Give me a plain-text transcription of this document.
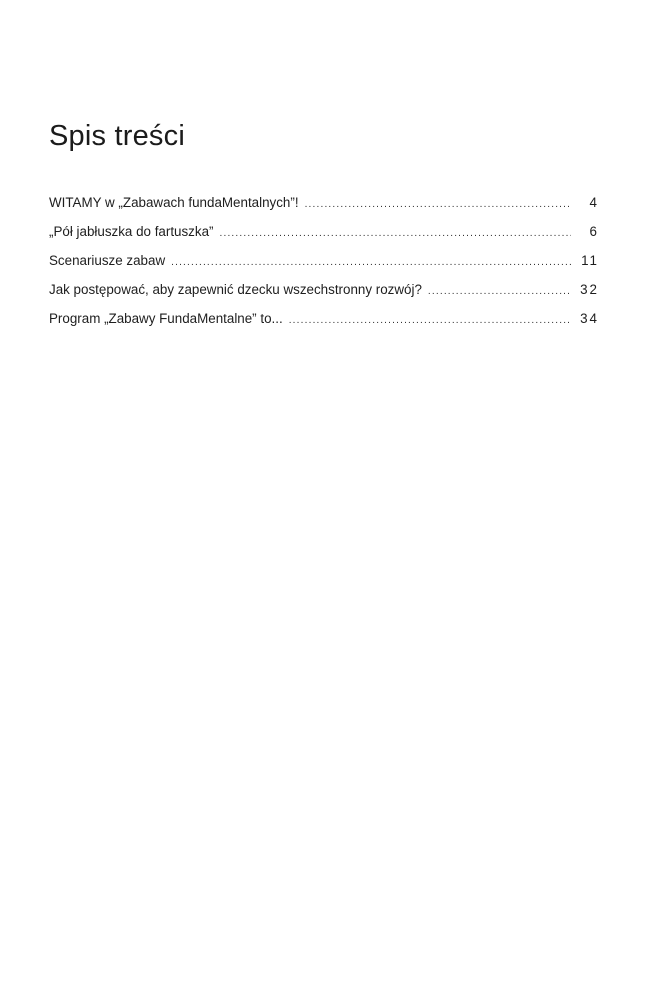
Spis treści
WITAMY w „Zabawach fundaMentalnych”! .....	4
„Pół jabłuszka do fartuszka” .....	6
Scenariusze zabaw .....	11
Jak postępować, aby zapewnić dzecku wszechstronny rozwój? .....	32
Program „Zabawy FundaMentalne” to... .....	34
